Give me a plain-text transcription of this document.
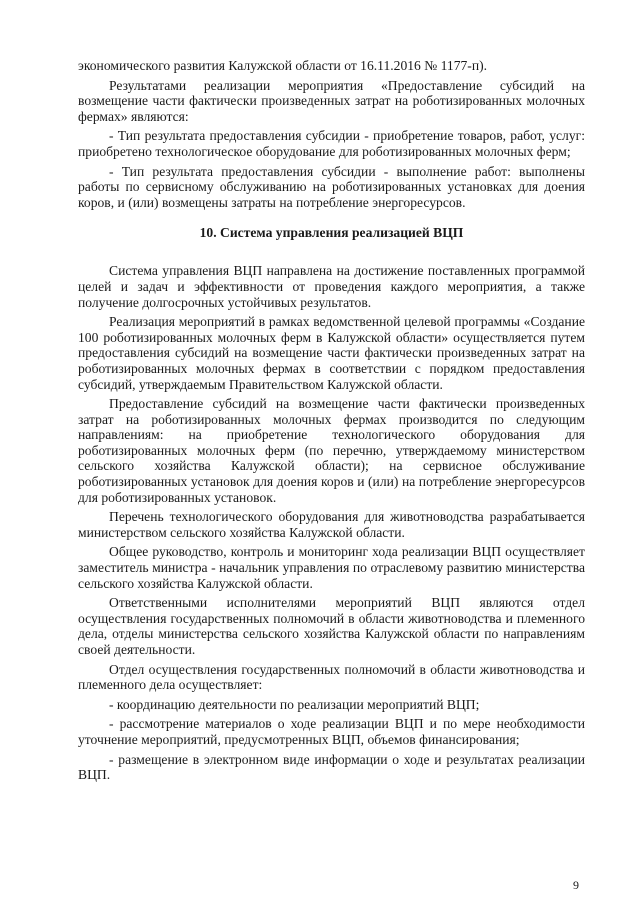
экономического развития Калужской области от 16.11.2016 № 1177-п).

Результатами реализации мероприятия «Предоставление субсидий на возмещение части фактически произведенных затрат на роботизированных молочных фермах» являются:

- Тип результата предоставления субсидии - приобретение товаров, работ, услуг: приобретено технологическое оборудование для роботизированных молочных ферм;

- Тип результата предоставления субсидии - выполнение работ: выполнены работы по сервисному обслуживанию на роботизированных установках для доения коров, и (или) возмещены затраты на потребление энергоресурсов.

10. Система управления реализацией ВЦП

Система управления ВЦП направлена на достижение поставленных программой целей и задач и эффективности от проведения каждого мероприятия, а также получение долгосрочных устойчивых результатов.

Реализация мероприятий в рамках ведомственной целевой программы «Создание 100 роботизированных молочных ферм в Калужской области» осуществляется путем предоставления субсидий на возмещение части фактически произведенных затрат на роботизированных молочных фермах в соответствии с порядком предоставления субсидий, утверждаемым Правительством Калужской области.

Предоставление субсидий на возмещение части фактически произведенных затрат на роботизированных молочных фермах производится по следующим направлениям: на приобретение технологического оборудования для роботизированных молочных ферм (по перечню, утверждаемому министерством сельского хозяйства Калужской области); на сервисное обслуживание роботизированных установок для доения коров и (или) на потребление энергоресурсов для роботизированных установок.

Перечень технологического оборудования для животноводства разрабатывается министерством сельского хозяйства Калужской области.

Общее руководство, контроль и мониторинг хода реализации ВЦП осуществляет заместитель министра - начальник управления по отраслевому развитию министерства сельского хозяйства Калужской области.

Ответственными исполнителями мероприятий ВЦП являются отдел осуществления государственных полномочий в области животноводства и племенного дела, отделы министерства сельского хозяйства Калужской области по направлениям своей деятельности.

Отдел осуществления государственных полномочий в области животноводства и племенного дела осуществляет:

- координацию деятельности по реализации мероприятий ВЦП;

- рассмотрение материалов о ходе реализации ВЦП и по мере необходимости уточнение мероприятий, предусмотренных ВЦП, объемов финансирования;

- размещение в электронном виде информации о ходе и результатах реализации ВЦП.

9
